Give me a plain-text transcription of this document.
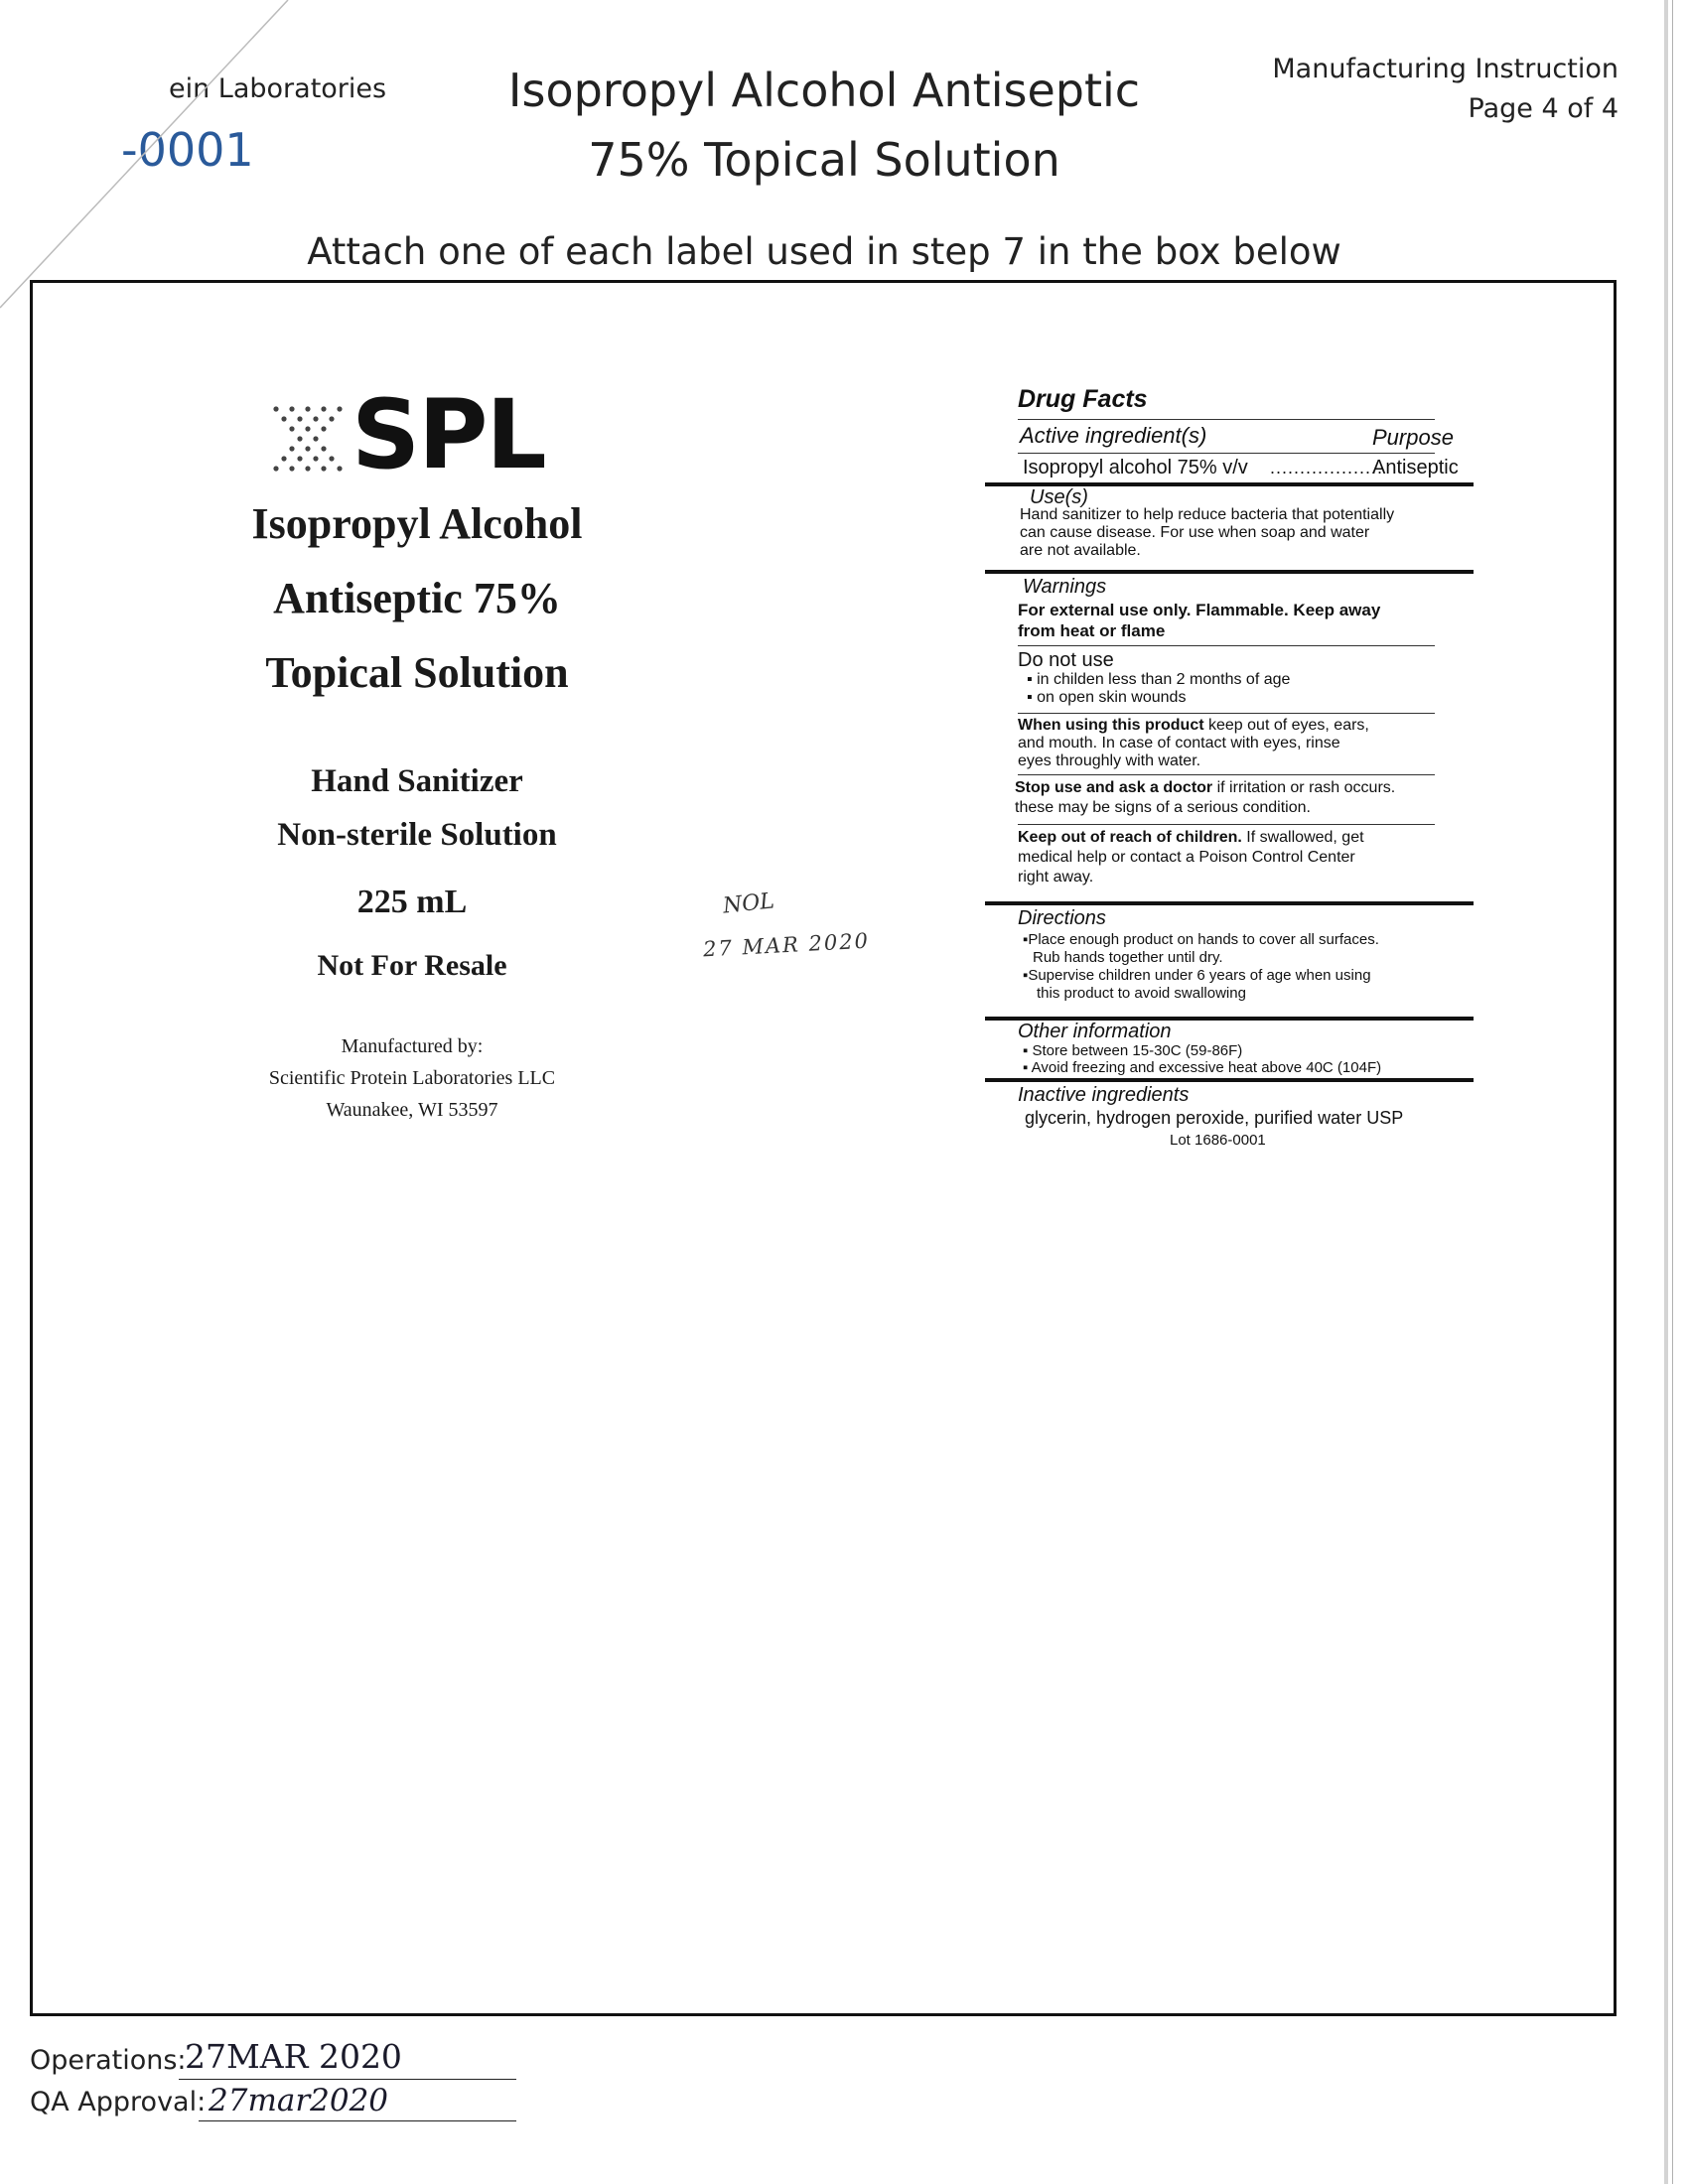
ein Laboratories
-0001
Isopropyl Alcohol Antiseptic
75% Topical Solution
Manufacturing Instruction
Page 4 of 4
Attach one of each label used in step 7 in the box below
SPL
Isopropyl Alcohol
Antiseptic 75%
Topical Solution
Hand Sanitizer
Non-sterile Solution
225 mL
Not For Resale
Manufactured by:
Scientific Protein Laboratories LLC
Waunakee, WI 53597
NOL
27 MAR 2020
Drug Facts
Active ingredient(s)	Purpose
Isopropyl alcohol 75% v/v ...................
Antiseptic
Use(s)
Hand sanitizer to help reduce bacteria that potentially
can cause disease. For use when soap and water
are not available.
Warnings
For external use only. Flammable. Keep away
from heat or flame
Do not use
▪ in childen less than 2 months of age
▪ on open skin wounds
When using this product keep out of eyes, ears,
and mouth. In case of contact with eyes, rinse
eyes throughly with water.
Stop use and ask a doctor if irritation or rash occurs.
these may be signs of a serious condition.
Keep out of reach of children. If swallowed, get
medical help or contact a Poison Control Center
right away.
Directions
▪Place enough product on hands to cover all surfaces.
Rub hands together until dry.
▪Supervise children under 6 years of age when using
this product to avoid swallowing
Other information
▪ Store between 15-30C (59-86F)
▪ Avoid freezing and excessive heat above 40C (104F)
Inactive ingredients
glycerin, hydrogen peroxide, purified water USP
Lot 1686-0001
Operations:
27MAR 2020
QA Approval: 27mar2020
